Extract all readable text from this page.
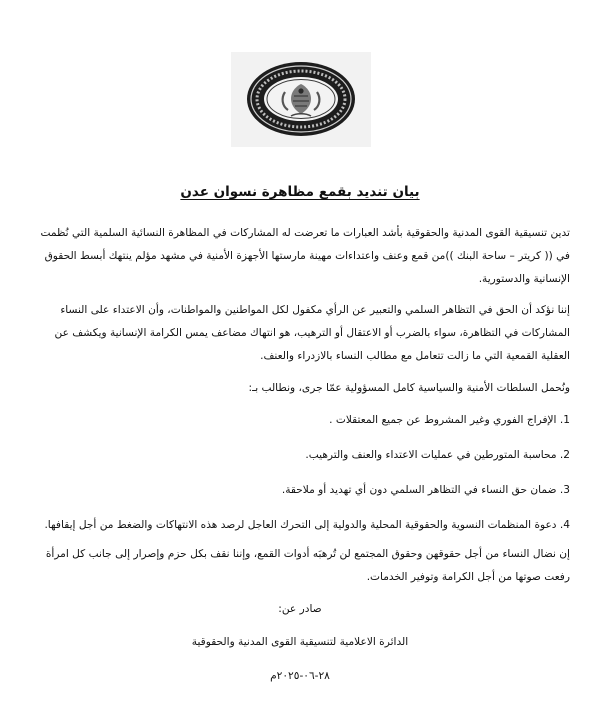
بيان تنديد بقمع مظاهرة نسوان عدن

تدين تنسيقية القوى المدنية والحقوقية بأشد العبارات ما تعرضت له المشاركات في المظاهرة النسائية السلمية التي نُظمت في (( كريتر – ساحة البنك ))من قمع وعنف واعتداءات مهينة مارستها الأجهزة الأمنية في مشهد مؤلم ينتهك أبسط الحقوق الإنسانية والدستورية.

إننا نؤكد أن الحق في التظاهر السلمي والتعبير عن الرأي مكفول لكل المواطنين والمواطنات، وأن الاعتداء على النساء المشاركات في التظاهرة، سواء بالضرب أو الاعتقال أو الترهيب، هو انتهاك مضاعف يمس الكرامة الإنسانية ويكشف عن العقلية القمعية التي ما زالت تتعامل مع مطالب النساء بالازدراء والعنف.

ونُحمل السلطات الأمنية والسياسية كامل المسؤولية عمّا جرى، ونطالب بـ:

1. الإفراج الفوري وغير المشروط عن جميع المعتقلات .

2. محاسبة المتورطين في عمليات الاعتداء والعنف والترهيب.

3. ضمان حق النساء في التظاهر السلمي دون أي تهديد أو ملاحقة.

4. دعوة المنظمات النسوية والحقوقية المحلية والدولية إلى التحرك العاجل لرصد هذه الانتهاكات والضغط من أجل إيقافها.

إن نضال النساء من أجل حقوقهن وحقوق المجتمع لن تُرهبَه أدوات القمع، وإننا نقف بكل حزم وإصرار إلى جانب كل امرأة رفعت صوتها من أجل الكرامة وتوفير الخدمات.

صادر عن:

الدائرة الاعلامية لتنسيقية القوى المدنية والحقوقية

٢٨-٠٦-٢٠٢٥م
